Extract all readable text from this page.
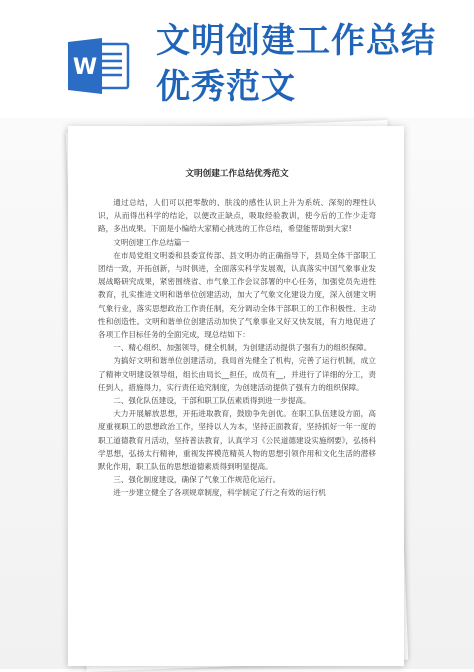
W
文明创建工作总结
优秀范文
文明创建工作总结优秀范文

通过总结，人们可以把零散的、肤浅的感性认识上升为系统、深刻的理性认识，从而得出科学的结论，以便改正缺点，吸取经验教训，使今后的工作少走弯路，多出成果。下面是小编给大家精心挑选的工作总结，希望能帮助到大家!

文明创建工作总结篇一

在市局党组文明委和县委宣传部、县文明办的正确指导下，县局全体干部职工团结一致，开拓创新，与时俱进，全面落实科学发展观，认真落实中国气象事业发展战略研究成果，紧密围绕省、市气象工作会议部署的中心任务，加强党员先进性教育，扎实推进文明和谐单位创建活动，加大了气象文化建设力度，深入创建文明气象行业，落实思想政治工作责任制，充分调动全体干部职工的工作积极性、主动性和创造性。文明和谐单位创建活动加快了气象事业又好又快发展，有力地促进了各项工作目标任务的全面完成，现总结如下：

一、精心组织、加强领导，健全机制，为创建活动提供了强有力的组织保障。

为搞好文明和谐单位创建活动，我局首先健全了机构，完善了运行机制，成立了精神文明建设领导组，组长由局长__担任，成员有__，并进行了详细的分工，责任到人，措施得力，实行责任追究制度，为创建活动提供了强有力的组织保障。

二、强化队伍建设，干部和职工队伍素质得到进一步提高。

大力开展解放思想，开拓进取教育，鼓励争先创优。在职工队伍建设方面，高度重视职工的思想政治工作，坚持以人为本，坚持正面教育，坚持抓好一年一度的职工道德教育月活动，坚持普法教育，认真学习《公民道德建设实施纲要》，弘扬科学思想，弘扬太行精神，重视发挥模范精英人物的思想引领作用和文化生活的潜移默化作用，职工队伍的思想道德素质得到明显提高。

三、强化制度建设，确保了气象工作规范化运行。

进一步建立健全了各项规章制度，科学制定了行之有效的运行机
